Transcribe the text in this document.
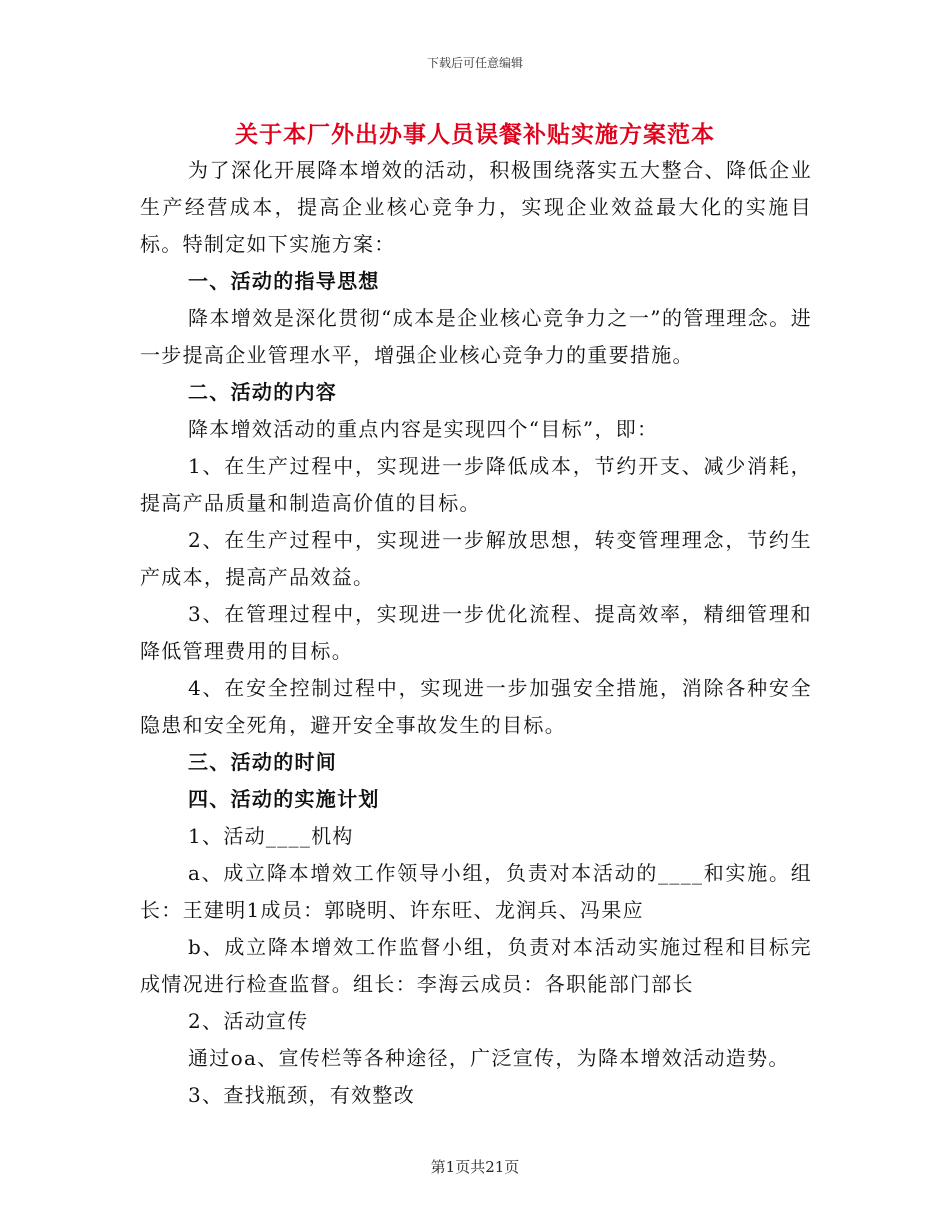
下载后可任意编辑
关于本厂外出办事人员误餐补贴实施方案范本

为了深化开展降本增效的活动，积极围绕落实五大整合、降低企业生产经营成本，提高企业核心竞争力，实现企业效益最大化的实施目标。特制定如下实施方案：

一、活动的指导思想

降本增效是深化贯彻“成本是企业核心竞争力之一”的管理理念。进一步提高企业管理水平，增强企业核心竞争力的重要措施。

二、活动的内容

降本增效活动的重点内容是实现四个“目标”，即：

1、在生产过程中，实现进一步降低成本，节约开支、减少消耗，提高产品质量和制造高价值的目标。

2、在生产过程中，实现进一步解放思想，转变管理理念，节约生产成本，提高产品效益。

3、在管理过程中，实现进一步优化流程、提高效率，精细管理和降低管理费用的目标。

4、在安全控制过程中，实现进一步加强安全措施，消除各种安全隐患和安全死角，避开安全事故发生的目标。

三、活动的时间

四、活动的实施计划

1、活动____机构

a、成立降本增效工作领导小组，负责对本活动的____和实施。组长：王建明1成员：郭晓明、许东旺、龙润兵、冯果应

b、成立降本增效工作监督小组，负责对本活动实施过程和目标完成情况进行检查监督。组长：李海云成员：各职能部门部长

2、活动宣传

通过oa、宣传栏等各种途径，广泛宣传，为降本增效活动造势。

3、查找瓶颈，有效整改

第1页共21页
